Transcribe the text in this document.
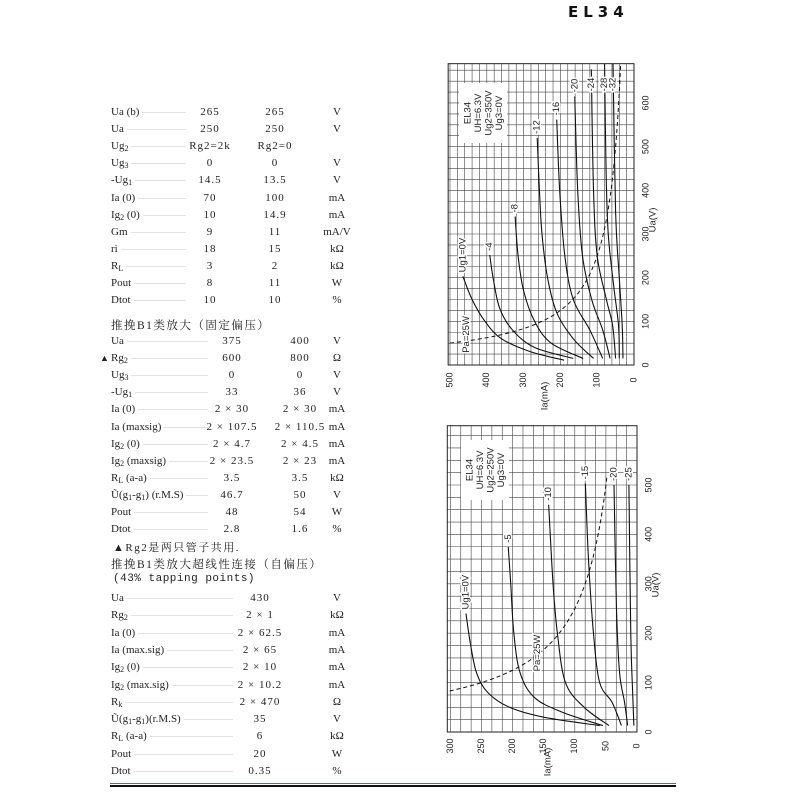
EL34
Ua (b)	265	265	V
Ua	250	250	V
$Ug_2$	Rg2=2k	Rg2=0
$Ug_3$	0	0	V
$-Ug_1$	14.5	13.5	V
Ia (0)	70	100	mA
$Ig_2$ (0)	10	14.9	mA
Gm	9	11	mA/V
ri	18	15	kΩ
$R_L$	3	2	kΩ
Pout	8	11	W
Dtot	10	10	%
推挽B1类放大（固定偏压）
Ua	375	400	V
▲ $Rg_2$	600	800	Ω
$Ug_3$	0	0	V
$-Ug_1$	33	36	V
Ia (0)	2 × 30	2 × 30	mA
Ia (maxsig)	2 × 107.5	2 × 110.5 mA
$Ig_2$ (0)	2 × 4.7	2 × 4.5 mA
$Ig_2$ (maxsig)	2 × 23.5	2 × 23	mA
$R_L$ (a-a)	3.5	3.5	kΩ
$Ũ(g_1-g_1)$ (r.M.S)	46.7	50	V
Pout	48	54	W
Dtot	2.8	1.6	%
▲Rg2是两只管子共用.
推挽B1类放大超线性连接（自偏压）
(43% tapping points)
Ua	430	V
$Rg_2$	2 × 1	kΩ
Ia (0)	2 × 62.5	mA
Ia (max.sig)	2 × 65	mA
$Ig_2$ (0)	2 × 10	mA
$Ig_2$ (max.sig)	2 × 10.2	mA
$R_k$	2 × 470	Ω
$Ũ(g_1-g_1)(r.M.S)$	35	V
$R_L$ (a-a)	6	kΩ
Pout	20	W
Dtot	0.35	%
0
100
200
300
400
500
600
0
100
200
300
400
500
Ua(V)
Ia(mA)
EL34 UH=6.3V Ug2=350V Ug3=0V
Ug1=0V -4
-8
-12
-16
-20 -24 -28
-32
Pa=25W
0
100
200
300
400
500
0
50
100
150
200
250
300
Ua(V)
Ia(mA)
EL34 UH=6.3V Ug2=250V Ug3=0V
Ug1=0V
-5
-10
-15 -20 -25
Pa=25W
